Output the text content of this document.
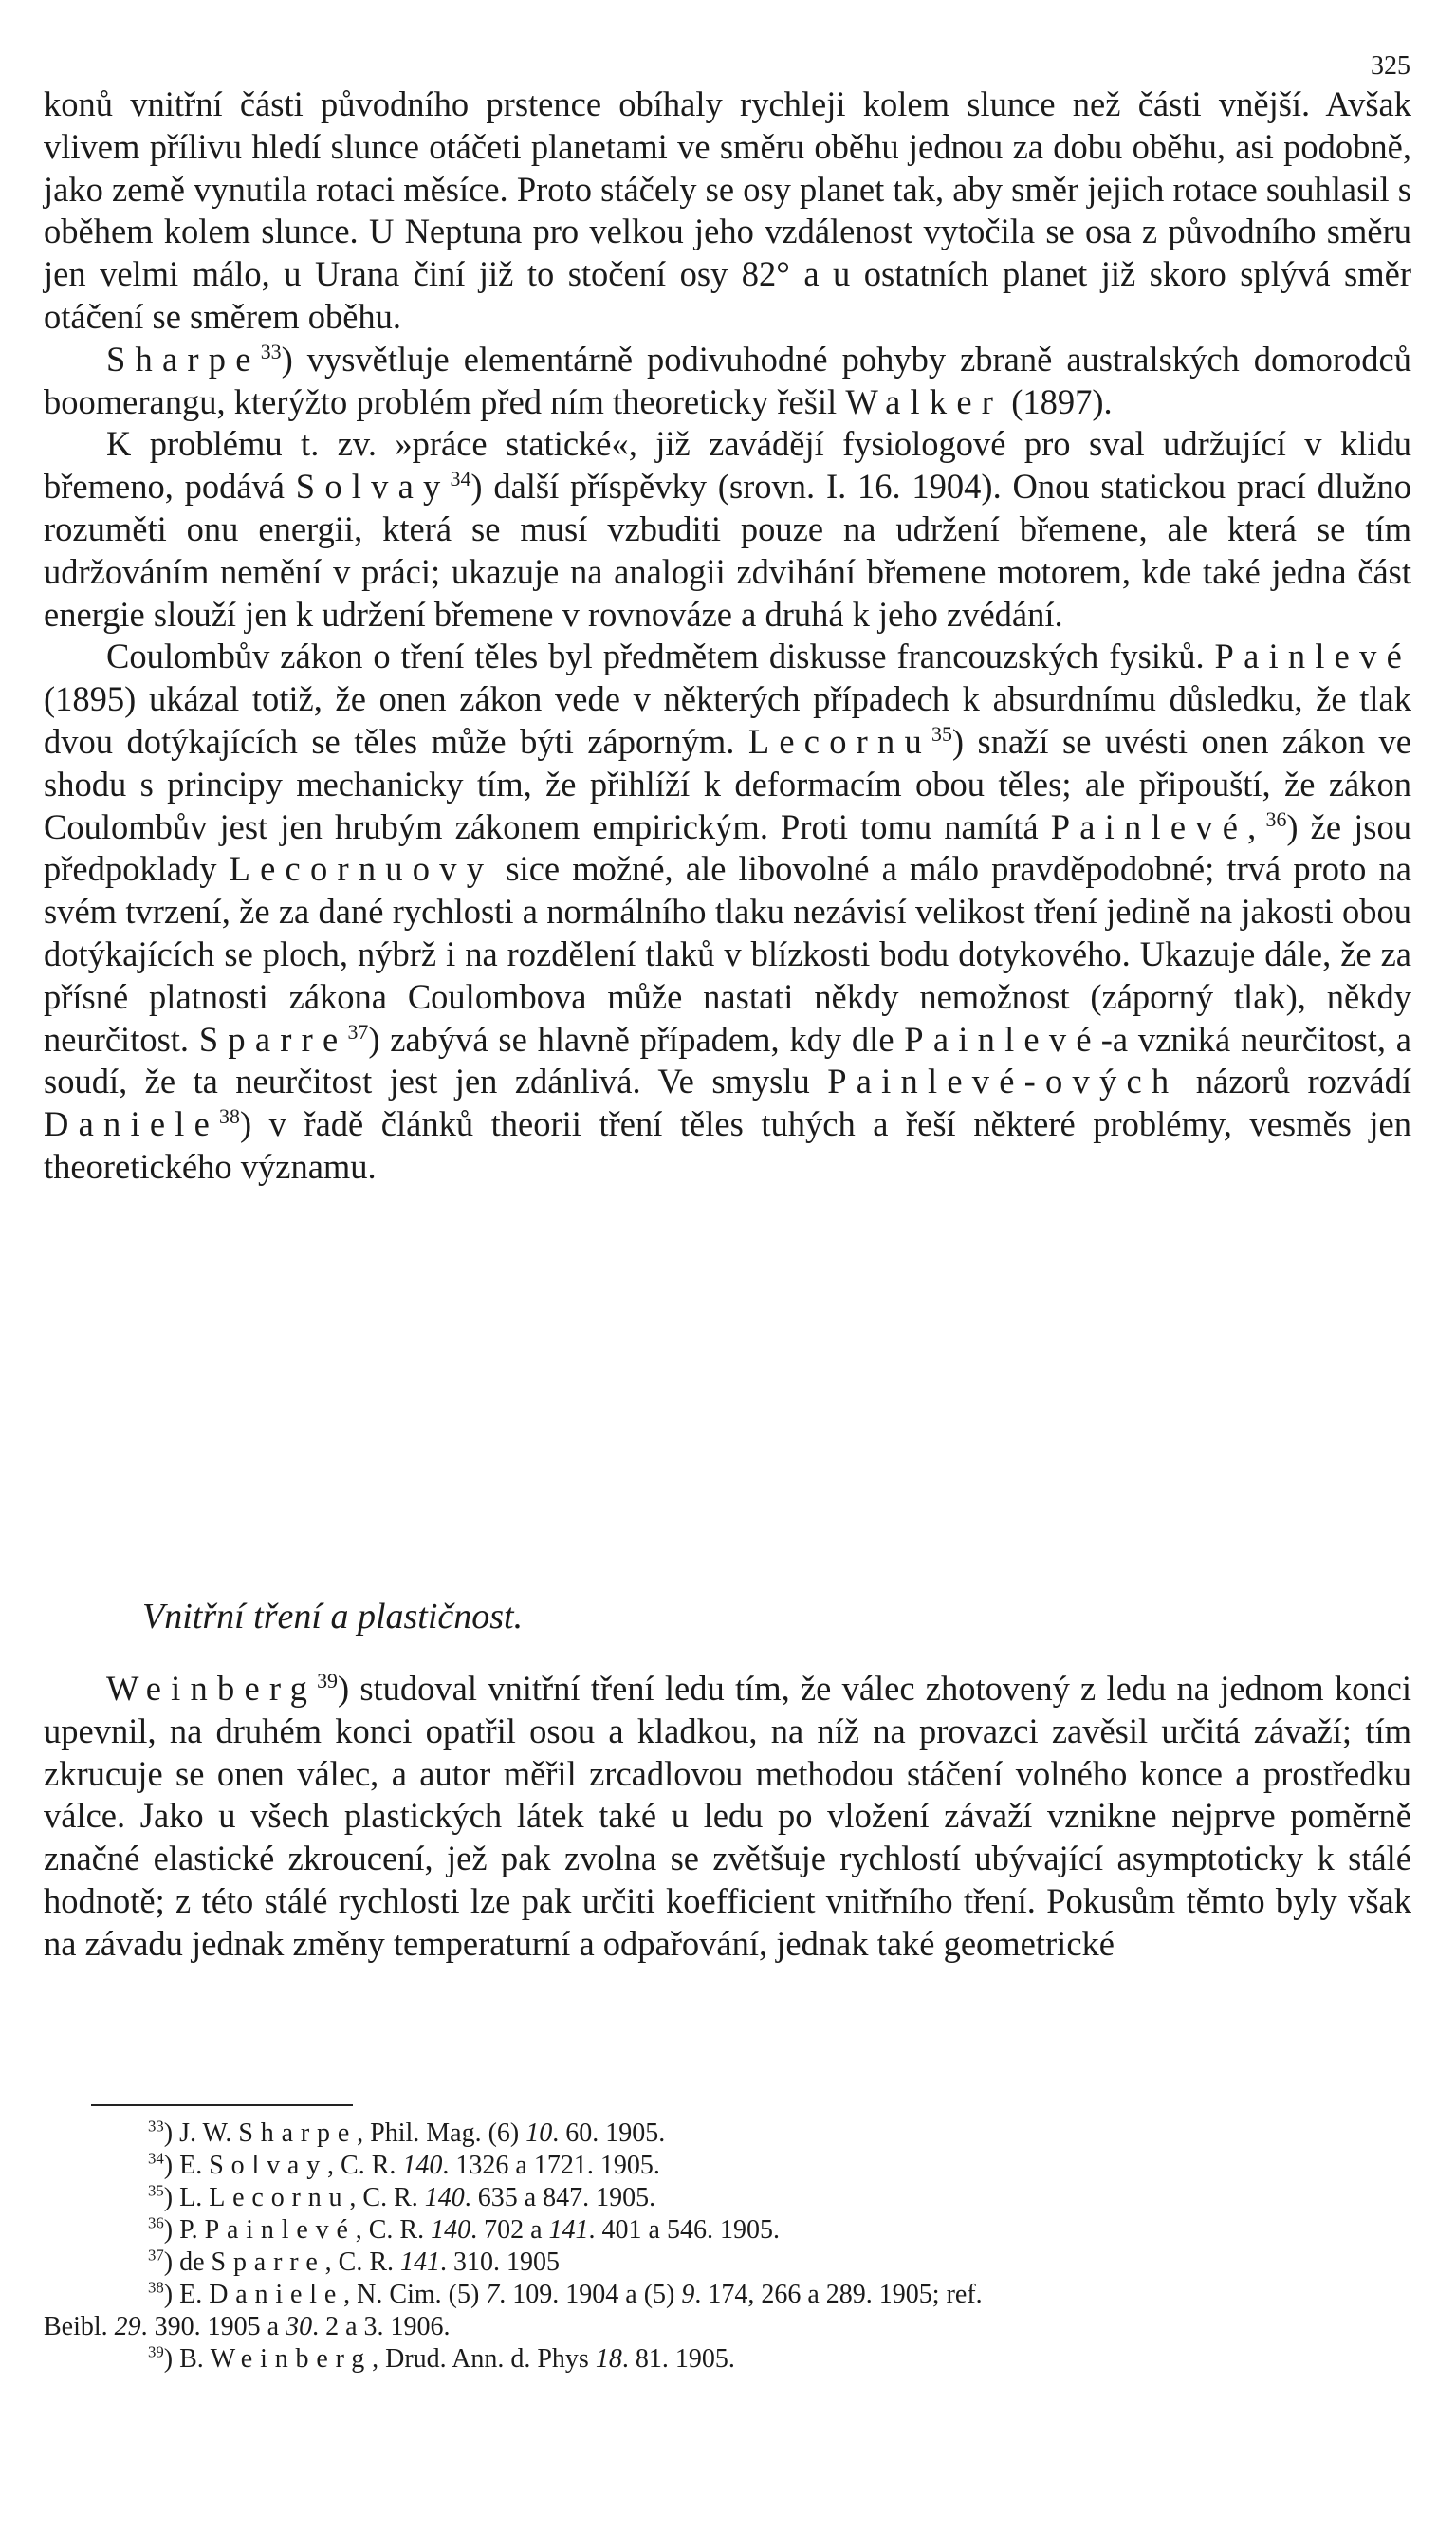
325

konů vnitřní části původního prstence obíhaly rychleji kolem slunce než části vnější. Avšak vlivem přílivu hledí slunce otáčeti planetami ve směru oběhu jednou za dobu oběhu, asi podobně, jako země vynutila rotaci měsíce. Proto stáčely se osy planet tak, aby směr jejich rotace souhlasil s oběhem kolem slunce. U Neptuna pro velkou jeho vzdálenost vytočila se osa z původního směru jen velmi málo, u Urana činí již to stočení osy 82° a u ostatních planet již skoro splývá směr otáčení se směrem oběhu.

Sharpe$^{33}$) vysvětluje elementárně podivuhodné pohyby zbraně australských domorodců boomerangu, kterýžto problém před ním theoreticky řešil Walker (1897).

K problému t. zv. »práce statické«, již zavádějí fysiologové pro sval udržující v klidu břemeno, podává Solvay$^{34}$) další příspěvky (srovn. I. 16. 1904). Onou statickou prací dlužno rozuměti onu energii, která se musí vzbuditi pouze na udržení břemene, ale která se tím udržováním nemění v práci; ukazuje na analogii zdvihání břemene motorem, kde také jedna část energie slouží jen k udržení břemene v rovnováze a druhá k jeho zvédání.

Coulombův zákon o tření těles byl předmětem diskusse francouzských fysiků. Painlevé (1895) ukázal totiž, že onen zákon vede v některých případech k absurdnímu důsledku, že tlak dvou dotýkajících se těles může býti záporným. Lecornu$^{35}$) snaží se uvésti onen zákon ve shodu s principy mechanicky tím, že přihlíží k deformacím obou těles; ale připouští, že zákon Coulombův jest jen hrubým zákonem empirickým. Proti tomu namítá Painlevé,$^{36}$) že jsou předpoklady Lecornuovy sice možné, ale libovolné a málo pravděpodobné; trvá proto na svém tvrzení, že za dané rychlosti a normálního tlaku nezávisí velikost tření jedině na jakosti obou dotýkajících se ploch, nýbrž i na rozdělení tlaků v blízkosti bodu dotykového. Ukazuje dále, že za přísné platnosti zákona Coulombova může nastati někdy nemožnost (záporný tlak), někdy neurčitost. Sparre$^{37}$) zabývá se hlavně případem, kdy dle Painlevé-a vzniká neurčitost, a soudí, že ta neurčitost jest jen zdánlivá. Ve smyslu Painlevé-ových názorů rozvádí Daniele$^{38}$) v řadě článků theorii tření těles tuhých a řeší některé problémy, vesměs jen theoretického významu.

Vnitřní tření a plastičnost.

Weinberg$^{39}$) studoval vnitřní tření ledu tím, že válec zhotovený z ledu na jednom konci upevnil, na druhém konci opatřil osou a kladkou, na níž na provazci zavěsil určitá závaží; tím zkrucuje se onen válec, a autor měřil zrcadlovou methodou stáčení volného konce a prostředku válce. Jako u všech plastických látek také u ledu po vložení závaží vznikne nejprve poměrně značné elastické zkroucení, jež pak zvolna se zvětšuje rychlostí ubývající asymptoticky k stálé hodnotě; z této stálé rychlosti lze pak určiti koefficient vnitřního tření. Pokusům těmto byly však na závadu jednak změny temperaturní a odpařování, jednak také geometrické

$^{33}$) J. W. Sharpe, Phil. Mag. (6) 10. 60. 1905.
$^{34}$) E. Solvay, C. R. 140. 1326 a 1721. 1905.
$^{35}$) L. Lecornu, C. R. 140. 635 a 847. 1905.
$^{36}$) P. Painlevé, C. R. 140. 702 a 141. 401 a 546. 1905.
$^{37}$) de Sparre, C. R. 141. 310. 1905
$^{38}$) E. Daniele, N. Cim. (5) 7. 109. 1904 a (5) 9. 174, 266 a 289. 1905; ref.
Beibl. 29. 390. 1905 a 30. 2 a 3. 1906.
$^{39}$) B. Weinberg, Drud. Ann. d. Phys 18. 81. 1905.
